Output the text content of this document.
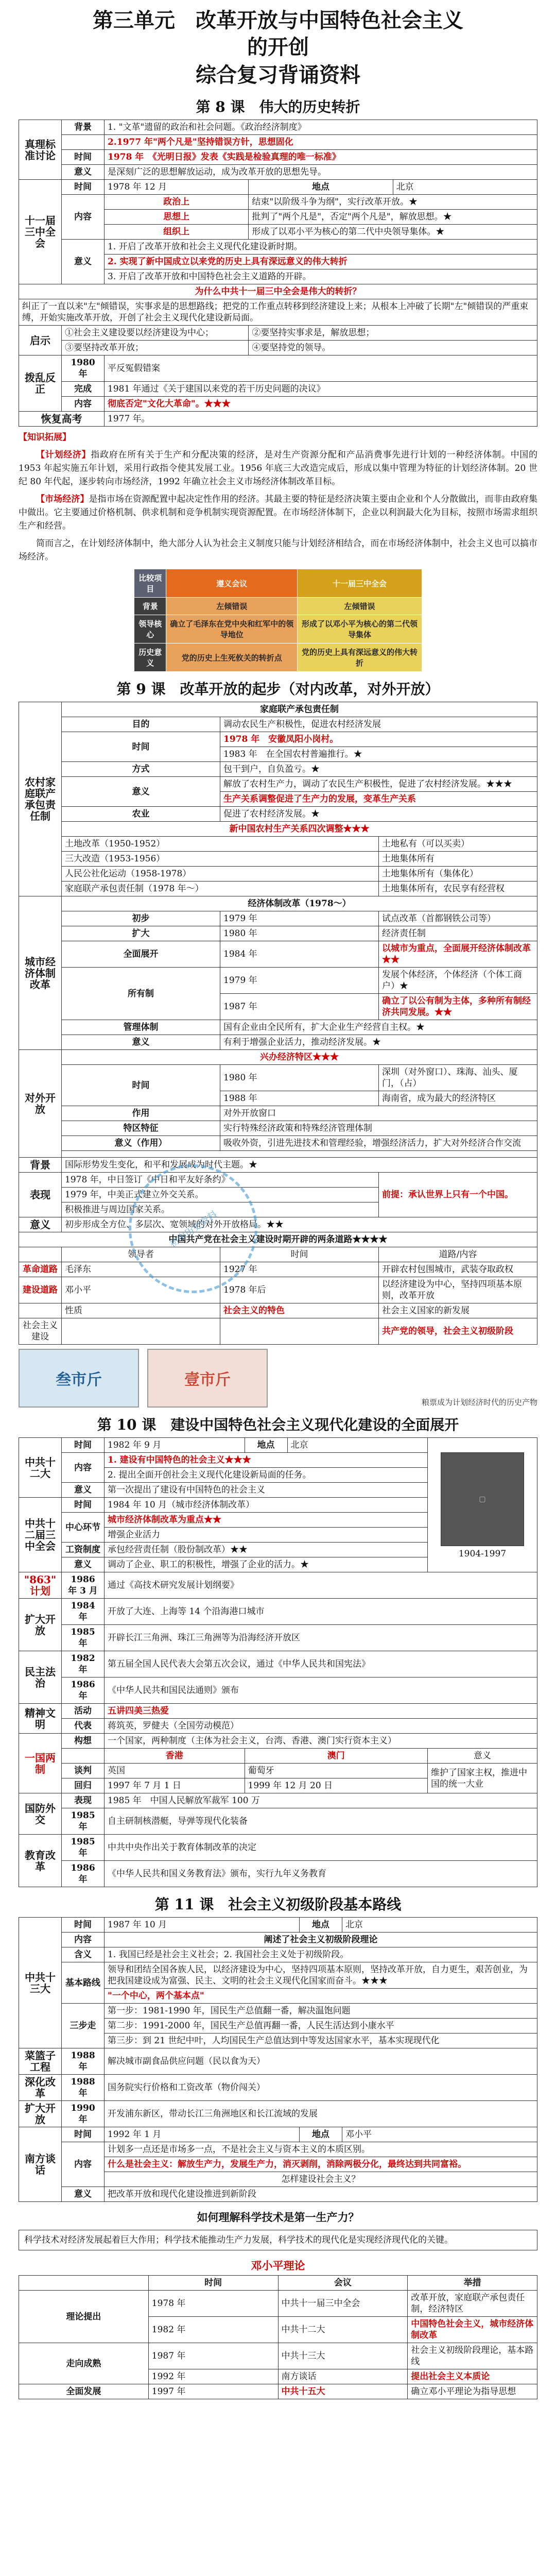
第三单元　改革开放与中国特色社会主义

的开创

综合复习背诵资料

第 8 课　伟大的历史转折
真理标准讨论	背景	1. "文革"遗留的政治和社会问题。《政治经济制度》		
		2.1977 年"两个凡是"坚持错误方针，思想固化		
	时间	1978 年　《光明日报》发表《实践是检验真理的唯一标准》		
	意义	是深刻广泛的思想解放运动，成为改革开放的思想先导。		
十一届三中全会	时间	1978 年 12 月	地点	北京
	内容	政治上	结束"以阶级斗争为纲"，实行改革开放。★	
		思想上	批判了"两个凡是"，否定"两个凡是"，解放思想。★	
		组织上	形成了以邓小平为核心的第二代中央领导集体。★	
	意义	1. 开启了改革开放和社会主义现代化建设新时期。		
		2. 实现了新中国成立以来党的历史上具有深远意义的伟大转折		
		3. 开启了改革开放和中国特色社会主义道路的开辟。		
为什么中共十一届三中全会是伟大的转折？				
纠正了一直以来"左"倾错误，实事求是的思想路线；把党的工作重点转移到经济建设上来；从根本上冲破了长期"左"倾错误的严重束缚，开始实施改革开放，开创了社会主义现代化建设新局面。				
启示	①社会主义建设要以经济建设为中心；		②要坚持实事求是，解放思想；	
	③要坚持改革开放；		④要坚持党的领导。	
拨乱反正	1980 年	平反冤假错案		
	完成	1981 年通过《关于建国以来党的若干历史问题的决议》		
	内容	彻底否定"文化大革命"。★★★		
恢复高考		1977 年。		
【知识拓展】
【计划经济】指政府在所有关于生产和分配决策的经济，是对生产资源分配和产品消费事先进行计划的一种经济体制。中国的 1953 年起实施五年计划，采用行政指令使其发展工业。1956 年底三大改造完成后，形成以集中管理为特征的计划经济体制。20 世纪 80 年代起，逐步转向市场经济，1992 年确立社会主义市场经济体制改革目标。
【市场经济】是指市场在资源配置中起决定性作用的经济。其最主要的特征是经济决策主要由企业和个人分散做出，而非由政府集中做出。它主要通过价格机制、供求机制和竞争机制实现资源配置。在市场经济体制下，企业以利润最大化为目标，按照市场需求组织生产和经营。
简而言之，在计划经济体制中，绝大部分人认为社会主义制度只能与计划经济相结合，而在市场经济体制中，社会主义也可以搞市场经济。
比较项目	遵义会议	十一届三中全会
背景	左倾错误	左倾错误
领导核心	确立了毛泽东在党中央和红军中的领导地位	形成了以邓小平为核心的第二代领导集体
历史意义	党的历史上生死攸关的转折点	党的历史上具有深远意义的伟大转折
第 9 课　改革开放的起步（对内改革，对外开放）
农村家庭联产承包责任制	家庭联产承包责任制		
	目的	调动农民生产积极性，促进农村经济发展	
	时间	1978 年　安徽凤阳小岗村。	
		1983 年　在全国农村普遍推行。★	
	方式	包干到户，自负盈亏。★	
	意义	解放了农村生产力，调动了农民生产积极性，促进了农村经济发展。★★★	
		生产关系调整促进了生产力的发展，变革生产关系	
	农业	促进了农村经济发展。★	
	新中国农村生产关系四次调整★★★		
	土地改革（1950-1952）		土地私有（可以买卖）
	三大改造（1953-1956）		土地集体所有
	人民公社化运动（1958-1978）		土地集体所有（集体化）
	家庭联产承包责任制（1978 年～）		土地集体所有，农民享有经营权
城市经济体制改革	经济体制改革（1978～）		
	初步	1979 年	试点改革（首都钢铁公司等）
	扩大	1980 年	经济责任制
	全面展开	1984 年	以城市为重点，全面展开经济体制改革★★
	所有制	1979 年	发展个体经济，个体经济（个体工商户）★
		1987 年	确立了以公有制为主体，多种所有制经济共同发展。★★
	管理体制	国有企业由全民所有，扩大企业生产经营自主权。★	
	意义	有利于增强企业活力，推动经济发展。★	
对外开放	兴办经济特区★★★		
	时间	1980 年	深圳（对外窗口）、珠海、汕头、厦门，（占）
		1988 年	海南省，成为最大的经济特区
	作用	对外开放窗口	
	特区特征	实行特殊经济政策和特殊经济管理体制	
	意义（作用）	吸收外资，引进先进技术和管理经验，增强经济活力，扩大对外经济合作交流	

背景	国际形势发生变化，和平和发展成为时代主题。★		
表现	1978 年，中日签订《中日和平友好条约》		前提：承认世界上只有一个中国。
	1979 年，中美正式建立外交关系。		
	积极推进与周边国家关系。		
意义	初步形成全方位、多层次、宽领域的对外开放格局。★★		
中国共产党在社会主义建设时期开辟的两条道路★★★★			
	领导者	时间	道路/内容
革命道路	毛泽东	1927 年	开辟农村包围城市，武装夺取政权
建设道路	邓小平	1978 年后	以经济建设为中心，坚持四项基本原则，改革开放
	性质	社会主义的特色	社会主义国家的新发展
社会主义建设			共产党的领导，社会主义初级阶段
叁市斤	壹市斤
粮票成为计划经济时代的历史产物
初中历史资料
第 10 课　建设中国特色社会主义现代化建设的全面展开
中共十二大	时间	1982 年 9 月	地点	北京	▢
1904-1997

	内容	1. 建设有中国特色的社会主义★★★			
		2. 提出全面开创社会主义现代化建设新局面的任务。			
	意义	第一次提出了建设有中国特色的社会主义			
中共十二届三中全会	时间	1984 年 10 月（城市经济体制改革）			
	中心环节	城市经济体制改革为重点★★			
		增强企业活力			
	工资制度	承包经营责任制（股份制改革）★★			
	意义	调动了企业、职工的积极性，增强了企业的活力。★			
"863" 计划	1986 年 3 月	通过《高技术研究发展计划纲要》			
扩大开放	1984 年	开放了大连、上海等 14 个沿海港口城市			
	1985 年	开辟长江三角洲、珠江三角洲等为沿海经济开放区			
民主法治	1982 年	第五届全国人民代表大会第五次会议，通过《中华人民共和国宪法》			
	1986 年	《中华人民共和国民法通则》颁布			
精神文明	活动	五讲四美三热爱			
	代表	蒋筑英，罗健夫（全国劳动模范）			
一国两制	构想	一个国家，两种制度（主体为社会主义，台湾、香港、澳门实行资本主义）			
		香港	澳门		意义
	谈判	英国	葡萄牙		维护了国家主权，推进中国的统一大业
	回归	1997 年 7 月 1 日	1999 年 12 月 20 日		
国防外交	表现	1985 年　中国人民解放军裁军 100 万			
	1985 年	自主研制核潜艇，导弹等现代化装备			
教育改革	1985 年	中共中央作出关于教育体制改革的决定			
	1986 年	《中华人民共和国义务教育法》颁布，实行九年义务教育			
第 11 课　社会主义初级阶段基本路线
中共十三大	时间	1987 年 10 月	地点	北京
	内容	阐述了社会主义初级阶段理论		
	含义	1. 我国已经是社会主义社会；2. 我国社会主义处于初级阶段。		
	基本路线	领导和团结全国各族人民，以经济建设为中心，坚持四项基本原则，坚持改革开放，自力更生，艰苦创业，为把我国建设成为富强、民主、文明的社会主义现代化国家而奋斗。★★★		
		"一个中心，两个基本点"		
	三步走	第一步：1981-1990 年，国民生产总值翻一番，解决温饱问题		
		第二步：1991-2000 年，国民生产总值再翻一番，人民生活达到小康水平		
		第三步：到 21 世纪中叶，人均国民生产总值达到中等发达国家水平，基本实现现代化		
菜篮子工程	1988 年	解决城市副食品供应问题（民以食为天）		
深化改革	1988 年	国务院实行价格和工资改革（物价闯关）		
扩大开放	1990 年	开发浦东新区，带动长江三角洲地区和长江流域的发展		
南方谈话	时间	1992 年 1 月	地点	邓小平
	内容	计划多一点还是市场多一点，不是社会主义与资本主义的本质区别。		
		什么是社会主义：解放生产力，发展生产力，消灭剥削，消除两极分化，最终达到共同富裕。		
		怎样建设社会主义？		
	意义	把改革开放和现代化建设推进到新阶段		
如何理解科学技术是第一生产力？
科学技术对经济发展起着巨大作用；科学技术能推动生产力发展，科学技术的现代化是实现经济现代化的关键。
邓小平理论
	时间	会议	举措
理论提出	1978 年	中共十一届三中全会	改革开放，家庭联产承包责任制，经济特区
	1982 年	中共十二大	中国特色社会主义，城市经济体制改革
走向成熟	1987 年	中共十三大	社会主义初级阶段理论，基本路线
	1992 年	南方谈话	提出社会主义本质论
全面发展	1997 年	中共十五大	确立邓小平理论为指导思想
